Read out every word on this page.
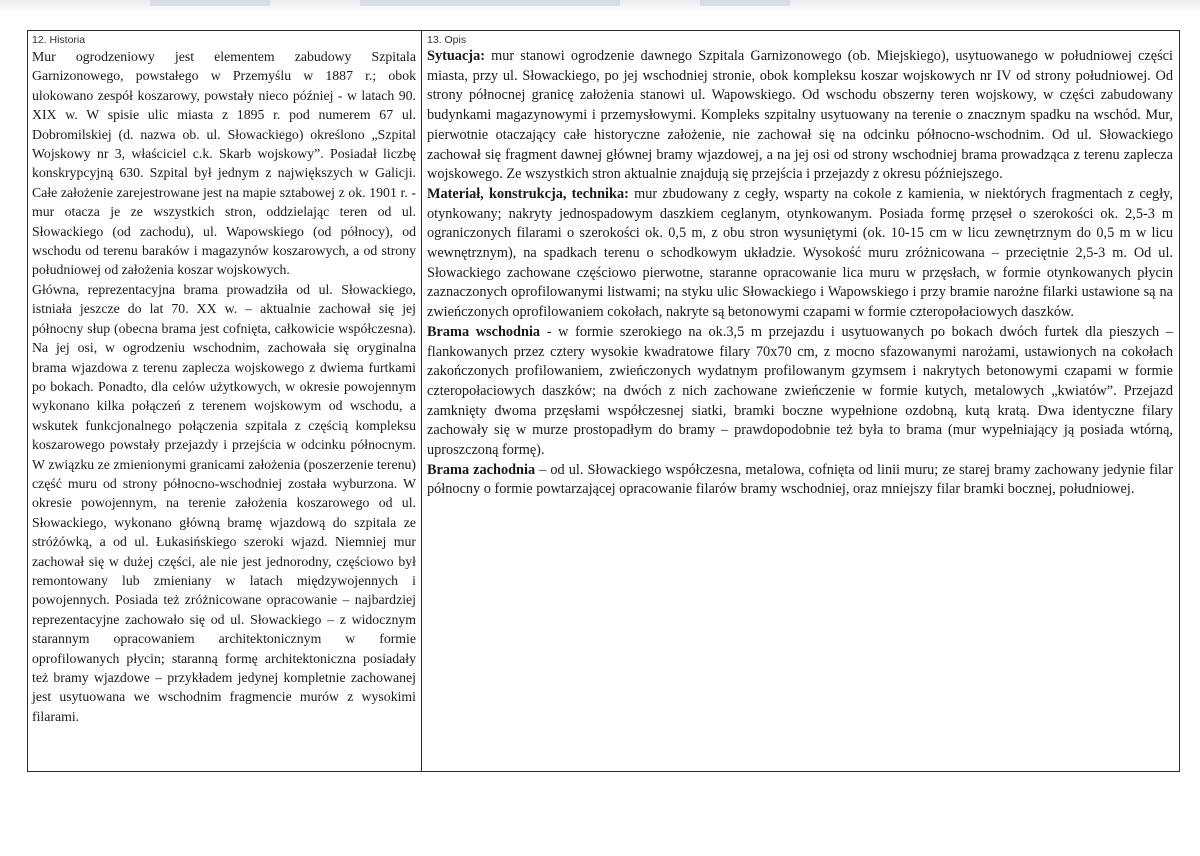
12. Historia

Mur ogrodzeniowy jest elementem zabudowy Szpitala Garnizonowego, powstałego w Przemyślu w 1887 r.; obok ulokowano zespół koszarowy, powstały nieco później - w latach 90. XIX w. W spisie ulic miasta z 1895 r. pod numerem 67 ul. Dobromilskiej (d. nazwa ob. ul. Słowackiego) określono „Szpital Wojskowy nr 3, właściciel c.k. Skarb wojskowy”. Posiadał liczbę konskrypcyjną 630. Szpital był jednym z największych w Galicji. Całe założenie zarejestrowane jest na mapie sztabowej z ok. 1901 r. - mur otacza je ze wszystkich stron, oddzielając teren od ul. Słowackiego (od zachodu), ul. Wapowskiego (od północy), od wschodu od terenu baraków i magazynów koszarowych, a od strony południowej od założenia koszar wojskowych.

Główna, reprezentacyjna brama prowadziła od ul. Słowackiego, istniała jeszcze do lat 70. XX w. – aktualnie zachował się jej północny słup (obecna brama jest cofnięta, całkowicie współczesna). Na jej osi, w ogrodzeniu wschodnim, zachowała się oryginalna brama wjazdowa z terenu zaplecza wojskowego z dwiema furtkami po bokach. Ponadto, dla celów użytkowych, w okresie powojennym wykonano kilka połączeń z terenem wojskowym od wschodu, a wskutek funkcjonalnego połączenia szpitala z częścią kompleksu koszarowego powstały przejazdy i przejścia w odcinku północnym. W związku ze zmienionymi granicami założenia (poszerzenie terenu) część muru od strony północno-wschodniej została wyburzona. W okresie powojennym, na terenie założenia koszarowego od ul. Słowackiego, wykonano główną bramę wjazdową do szpitala ze stróżówką, a od ul. Łukasińskiego szeroki wjazd. Niemniej mur zachował się w dużej części, ale nie jest jednorodny, częściowo był remontowany lub zmieniany w latach międzywojennych i powojennych. Posiada też zróżnicowane opracowanie – najbardziej reprezentacyjne zachowało się od ul. Słowackiego – z widocznym starannym opracowaniem architektonicznym w formie oprofilowanych płycin; staranną formę architektoniczna posiadały też bramy wjazdowe – przykładem jedynej kompletnie zachowanej jest usytuowana we wschodnim fragmencie murów z wysokimi filarami.

13. Opis

Sytuacja: mur stanowi ogrodzenie dawnego Szpitala Garnizonowego (ob. Miejskiego), usytuowanego w południowej części miasta, przy ul. Słowackiego, po jej wschodniej stronie, obok kompleksu koszar wojskowych nr IV od strony południowej. Od strony północnej granicę założenia stanowi ul. Wapowskiego. Od wschodu obszerny teren wojskowy, w części zabudowany budynkami magazynowymi i przemysłowymi. Kompleks szpitalny usytuowany na terenie o znacznym spadku na wschód. Mur, pierwotnie otaczający całe historyczne założenie, nie zachował się na odcinku północno-wschodnim. Od ul. Słowackiego zachował się fragment dawnej głównej bramy wjazdowej, a na jej osi od strony wschodniej brama prowadząca z terenu zaplecza wojskowego. Ze wszystkich stron aktualnie znajdują się przejścia i przejazdy z okresu późniejszego.

Materiał, konstrukcja, technika: mur zbudowany z cegły, wsparty na cokole z kamienia, w niektórych fragmentach z cegły, otynkowany; nakryty jednospadowym daszkiem ceglanym, otynkowanym. Posiada formę przęseł o szerokości ok. 2,5-3 m ograniczonych filarami o szerokości ok. 0,5 m, z obu stron wysuniętymi (ok. 10-15 cm w licu zewnętrznym do 0,5 m w licu wewnętrznym), na spadkach terenu o schodkowym układzie. Wysokość muru zróżnicowana – przeciętnie 2,5-3 m. Od ul. Słowackiego zachowane częściowo pierwotne, staranne opracowanie lica muru w przęsłach, w formie otynkowanych płycin zaznaczonych oprofilowanymi listwami; na styku ulic Słowackiego i Wapowskiego i przy bramie narożne filarki ustawione są na zwieńczonych oprofilowaniem cokołach, nakryte są betonowymi czapami w formie czteropołaciowych daszków.

Brama wschodnia - w formie szerokiego na ok.3,5 m przejazdu i usytuowanych po bokach dwóch furtek dla pieszych – flankowanych przez cztery wysokie kwadratowe filary 70x70 cm, z mocno sfazowanymi narożami, ustawionych na cokołach zakończonych profilowaniem, zwieńczonych wydatnym profilowanym gzymsem i nakrytych betonowymi czapami w formie czteropołaciowych daszków; na dwóch z nich zachowane zwieńczenie w formie kutych, metalowych „kwiatów”. Przejazd zamknięty dwoma przęsłami współczesnej siatki, bramki boczne wypełnione ozdobną, kutą kratą. Dwa identyczne filary zachowały się w murze prostopadłym do bramy – prawdopodobnie też była to brama (mur wypełniający ją posiada wtórną, uproszczoną formę).

Brama zachodnia – od ul. Słowackiego współczesna, metalowa, cofnięta od linii muru; ze starej bramy zachowany jedynie filar północny o formie powtarzającej opracowanie filarów bramy wschodniej, oraz mniejszy filar bramki bocznej, południowej.
